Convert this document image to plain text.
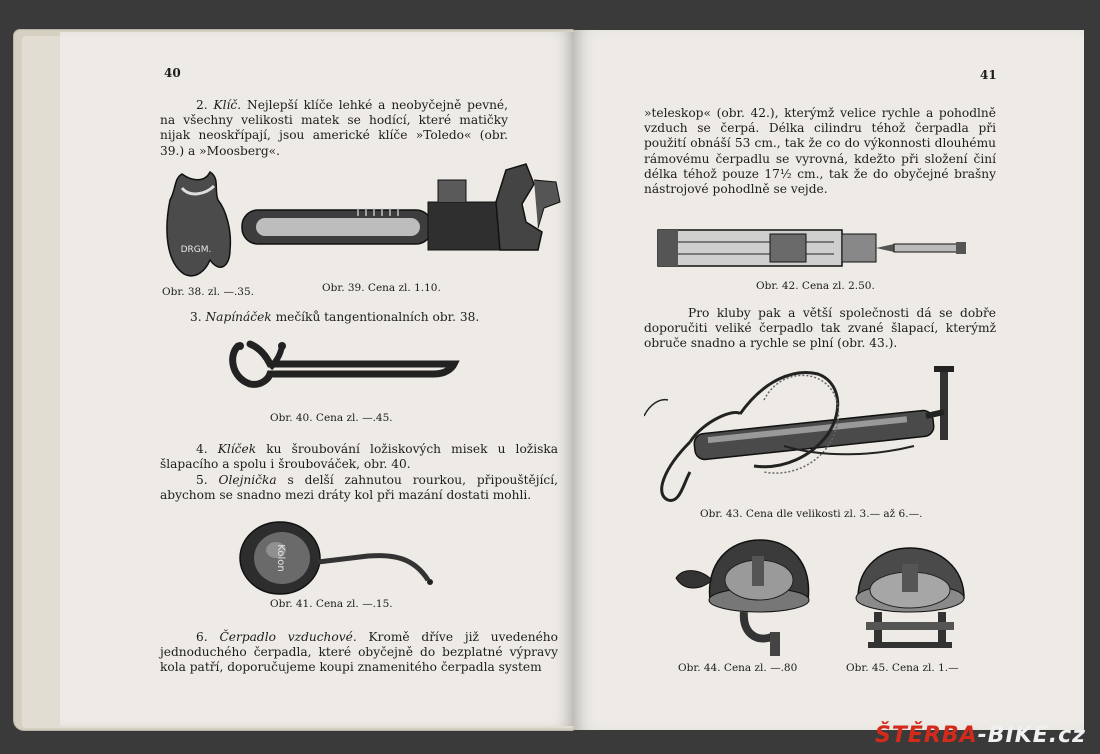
40
2. Klíč. Nejlepší klíče lehké a neobyčejně pevné, na všechny velikosti matek se hodící, které matičky nijak neoskřípají, jsou americké klíče »Toledo« (obr. 39.) a »Moosberg«.
DRGM.
Obr. 38. zl. —.35.	Obr. 39. Cena zl. 1.10.
3. Napínáček mečíků tangentionalních obr. 38.
Obr. 40. Cena zl. —.45.
4. Klíček ku šroubování ložiskových misek u ložiska šlapacího a spolu i šroubováček, obr. 40.
5. Olejnička s delší zahnutou rourkou, připouštějící, abychom se snadno mezi dráty kol při mazání dostati mohli.
Kolon
Obr. 41. Cena zl. —.15.
6. Čerpadlo vzduchové. Kromě dříve již uvedeného jednoduchého čerpadla, které obyčejně do bezplatné výpravy kola patří, doporučujeme koupi znamenitého čerpadla system
41
»teleskop« (obr. 42.), kterýmž velice rychle a pohodlně vzduch se čerpá. Délka cilindru téhož čerpadla při použití obnáší 53 cm., tak že co do výkonnosti dlouhému rámovému čerpadlu se vyrovná, kdežto při složení činí délka téhož pouze 17½ cm., tak že do obyčejné brašny nástrojové pohodlně se vejde.
Obr. 42. Cena zl. 2.50.
Pro kluby pak a větší společnosti dá se dobře doporučiti veliké čerpadlo tak zvané šlapací, kterýmž obruče snadno a rychle se plní (obr. 43.).
Obr. 43. Cena dle velikosti zl. 3.— až 6.—.
Obr. 44. Cena zl. —.80	Obr. 45. Cena zl. 1.—
ŠTĚRBA-BIKE.cz
